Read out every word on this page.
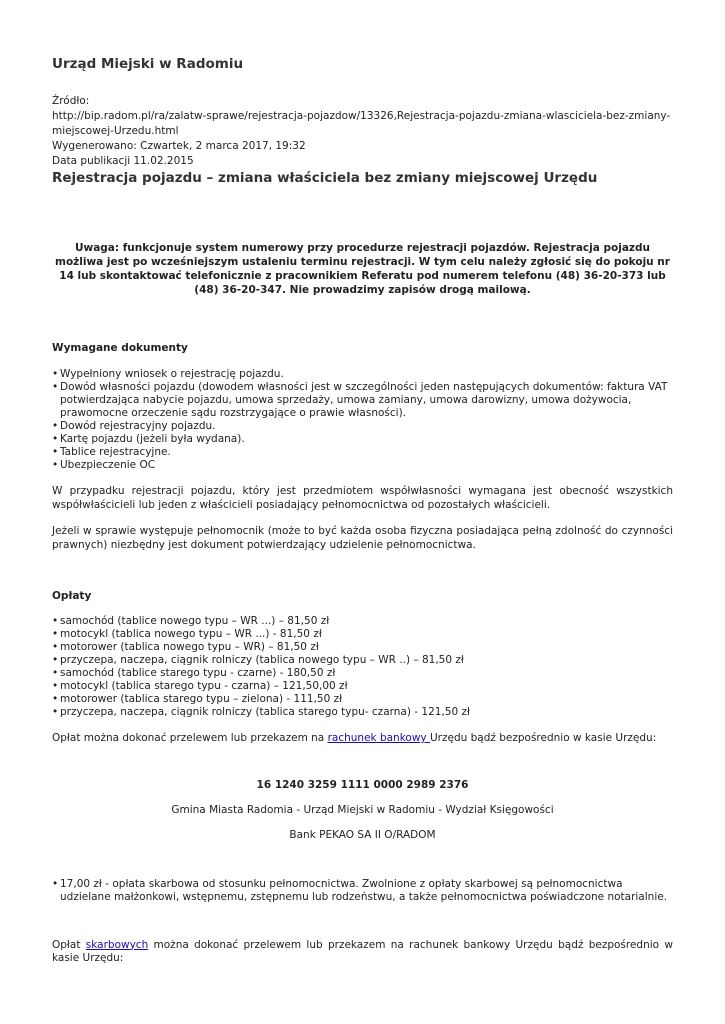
Urząd Miejski w Radomiu
Źródło:
http://bip.radom.pl/ra/zalatw-sprawe/rejestracja-pojazdow/13326,Rejestracja-pojazdu-zmiana-wlasciciela-bez-zmiany-miejscowej-Urzedu.html
Wygenerowano: Czwartek, 2 marca 2017, 19:32
Data publikacji 11.02.2015
Rejestracja pojazdu – zmiana właściciela bez zmiany miejscowej Urzędu
Uwaga: funkcjonuje system numerowy przy procedurze rejestracji pojazdów. Rejestracja pojazdu możliwa jest po wcześniejszym ustaleniu terminu rejestracji. W tym celu należy zgłosić się do pokoju nr 14 lub skontaktować telefonicznie z pracownikiem Referatu pod numerem telefonu (48) 36-20-373 lub (48) 36-20-347. Nie prowadzimy zapisów drogą mailową.
Wymagane dokumenty
• Wypełniony wniosek o rejestrację pojazdu.
• Dowód własności pojazdu (dowodem własności jest w szczególności jeden następujących dokumentów: faktura VAT potwierdzająca nabycie pojazdu, umowa sprzedaży, umowa zamiany, umowa darowizny, umowa dożywocia, prawomocne orzeczenie sądu rozstrzygające o prawie własności).
• Dowód rejestracyjny pojazdu.
• Kartę pojazdu (jeżeli była wydana).
• Tablice rejestracyjne.
• Ubezpieczenie OC

W przypadku rejestracji pojazdu, który jest przedmiotem współwłasności wymagana jest obecność wszystkich współwłaścicieli lub jeden z właścicieli posiadający pełnomocnictwa od pozostałych właścicieli.

Jeżeli w sprawie występuje pełnomocnik (może to być każda osoba fizyczna posiadająca pełną zdolność do czynności prawnych) niezbędny jest dokument potwierdzający udzielenie pełnomocnictwa.

Opłaty
• samochód (tablice nowego typu – WR ...) – 81,50 zł
• motocykl (tablica nowego typu – WR ...) - 81,50 zł
• motorower (tablica nowego typu – WR) – 81,50 zł
• przyczepa, naczepa, ciągnik rolniczy (tablica nowego typu – WR ..) – 81,50 zł
• samochód (tablice starego typu - czarne) - 180,50 zł
• motocykl (tablica starego typu - czarna) – 121,50,00 zł
• motorower (tablica starego typu – zielona) - 111,50 zł
• przyczepa, naczepa, ciągnik rolniczy (tablica starego typu- czarna) - 121,50 zł

Opłat można dokonać przelewem lub przekazem na rachunek bankowy Urzędu bądź bezpośrednio w kasie Urzędu:

16 1240 3259 1111 0000 2989 2376
Gmina Miasta Radomia - Urząd Miejski w Radomiu - Wydział Księgowości
Bank PEKAO SA II O/RADOM
• 17,00 zł - opłata skarbowa od stosunku pełnomocnictwa. Zwolnione z opłaty skarbowej są pełnomocnictwa udzielane małżonkowi, wstępnemu, zstępnemu lub rodzeństwu, a także pełnomocnictwa poświadczone notarialnie.

Opłat skarbowych można dokonać przelewem lub przekazem na rachunek bankowy Urzędu bądź bezpośrednio w kasie Urzędu:
